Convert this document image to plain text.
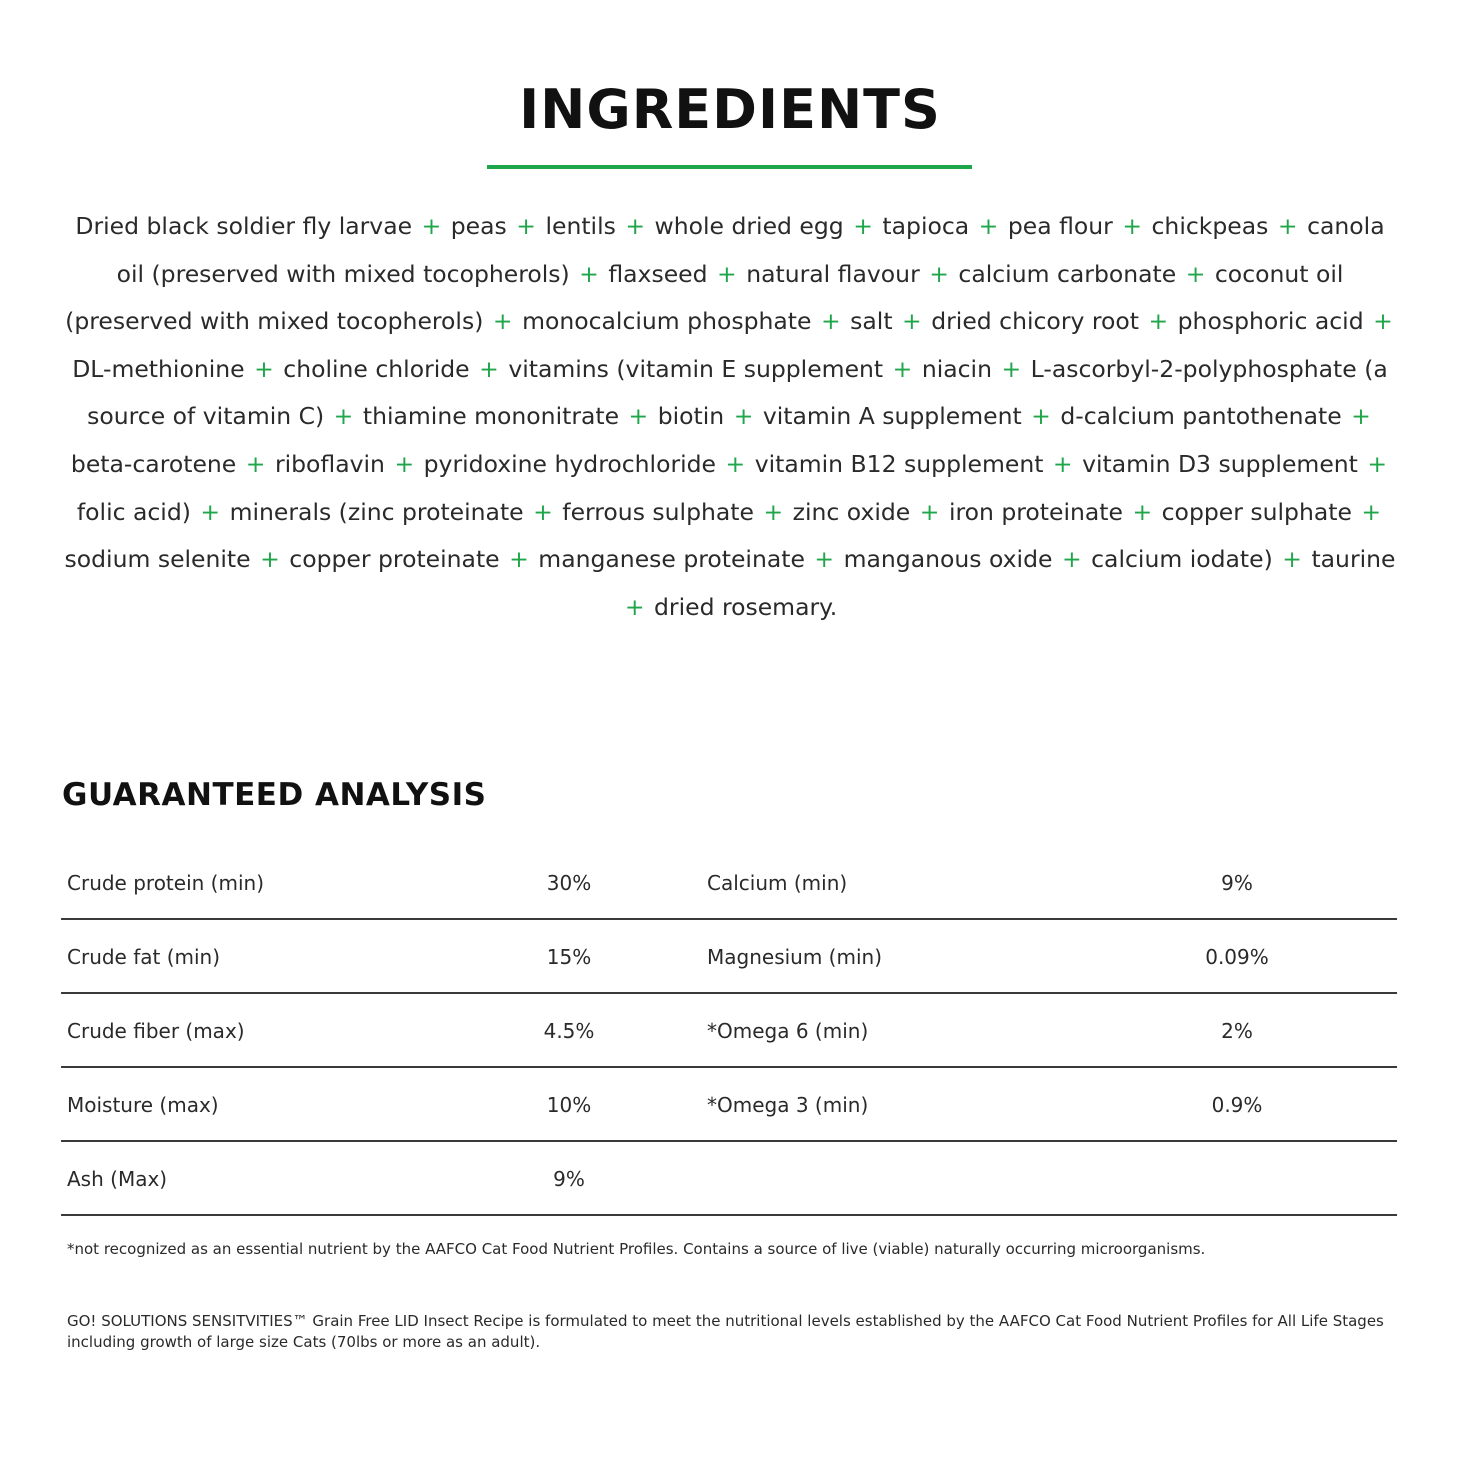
INGREDIENTS
Dried black soldier fly larvae + peas + lentils + whole dried egg + tapioca + pea flour + chickpeas + canola oil (preserved with mixed tocopherols) + flaxseed + natural flavour + calcium carbonate + coconut oil (preserved with mixed tocopherols) + monocalcium phosphate + salt + dried chicory root + phosphoric acid + DL-methionine + choline chloride + vitamins (vitamin E supplement + niacin + L-ascorbyl-2-polyphosphate (a source of vitamin C) + thiamine mononitrate + biotin + vitamin A supplement + d-calcium pantothenate + beta-carotene + riboflavin + pyridoxine hydrochloride + vitamin B12 supplement + vitamin D3 supplement + folic acid) + minerals (zinc proteinate + ferrous sulphate + zinc oxide + iron proteinate + copper sulphate + sodium selenite + copper proteinate + manganese proteinate + manganous oxide + calcium iodate) + taurine + dried rosemary.
GUARANTEED ANALYSIS
Crude protein (min)	30%	Calcium (min)	9%
Crude fat (min)	15%	Magnesium (min)	0.09%
Crude fiber (max)	4.5%	*Omega 6 (min)	2%
Moisture (max)	10%	*Omega 3 (min)	0.9%
Ash (Max)	9%
*not recognized as an essential nutrient by the AAFCO Cat Food Nutrient Profiles. Contains a source of live (viable) naturally occurring microorganisms.
GO! SOLUTIONS SENSITVITIES™ Grain Free LID Insect Recipe is formulated to meet the nutritional levels established by the AAFCO Cat Food Nutrient Profiles for All Life Stages including growth of large size Cats (70lbs or more as an adult).
